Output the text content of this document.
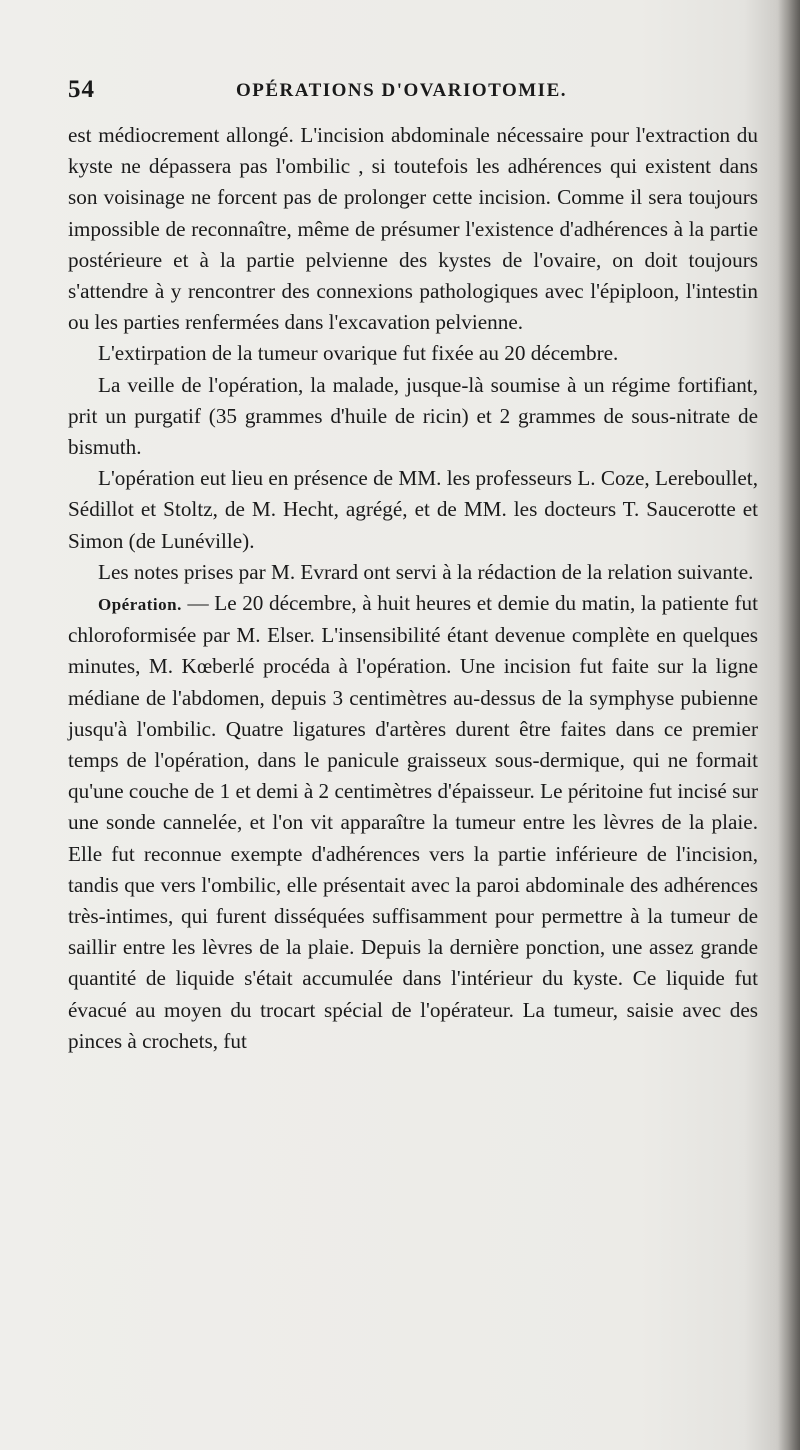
54	OPÉRATIONS D'OVARIOTOMIE.

est médiocrement allongé. L'incision abdominale nécessaire pour l'extraction du kyste ne dépassera pas l'ombilic , si toutefois les adhérences qui existent dans son voisinage ne forcent pas de prolonger cette incision. Comme il sera toujours impossible de reconnaître, même de présumer l'existence d'adhérences à la partie postérieure et à la partie pelvienne des kystes de l'ovaire, on doit toujours s'attendre à y rencontrer des connexions pathologiques avec l'épiploon, l'intestin ou les parties renfermées dans l'excavation pelvienne.

L'extirpation de la tumeur ovarique fut fixée au 20 décembre.

La veille de l'opération, la malade, jusque-là soumise à un régime fortifiant, prit un purgatif (35 grammes d'huile de ricin) et 2 grammes de sous-nitrate de bismuth.

L'opération eut lieu en présence de MM. les professeurs L. Coze, Lereboullet, Sédillot et Stoltz, de M. Hecht, agrégé, et de MM. les docteurs T. Saucerotte et Simon (de Lunéville).

Les notes prises par M. Evrard ont servi à la rédaction de la relation suivante.

Opération. — Le 20 décembre, à huit heures et demie du matin, la patiente fut chloroformisée par M. Elser. L'insensibilité étant devenue complète en quelques minutes, M. Kœberlé procéda à l'opération. Une incision fut faite sur la ligne médiane de l'abdomen, depuis 3 centimètres au-dessus de la symphyse pubienne jusqu'à l'ombilic. Quatre ligatures d'artères durent être faites dans ce premier temps de l'opération, dans le panicule graisseux sous-dermique, qui ne formait qu'une couche de 1 et demi à 2 centimètres d'épaisseur. Le péritoine fut incisé sur une sonde cannelée, et l'on vit apparaître la tumeur entre les lèvres de la plaie. Elle fut reconnue exempte d'adhérences vers la partie inférieure de l'incision, tandis que vers l'ombilic, elle présentait avec la paroi abdominale des adhérences très-intimes, qui furent disséquées suffisamment pour permettre à la tumeur de saillir entre les lèvres de la plaie. Depuis la dernière ponction, une assez grande quantité de liquide s'était accumulée dans l'intérieur du kyste. Ce liquide fut évacué au moyen du trocart spécial de l'opérateur. La tumeur, saisie avec des pinces à crochets, fut
